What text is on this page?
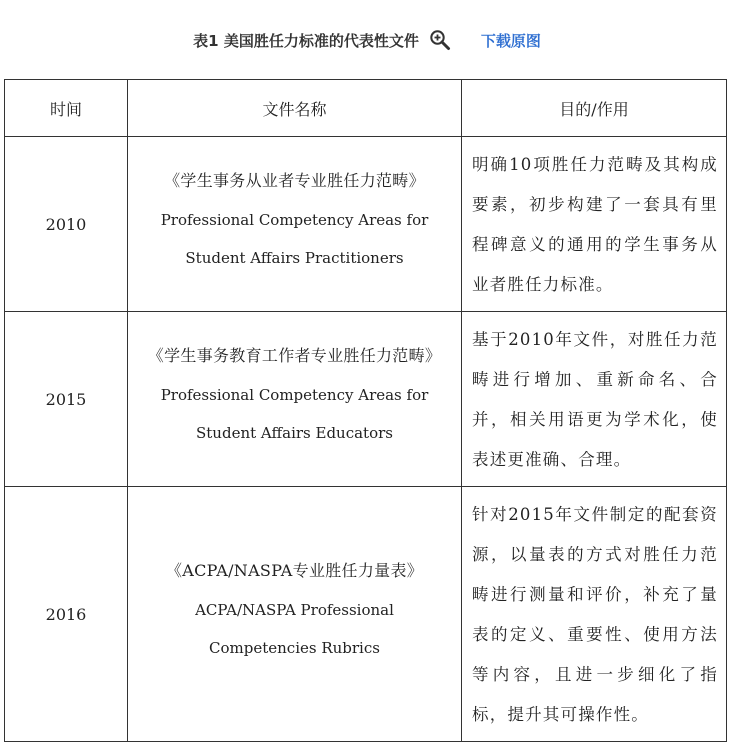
表1 美国胜任力标准的代表性文件	下载原图
时间	文件名称	目的/作用
2010	《学生事务从业者专业胜任力范畴》
Professional Competency Areas for
Student Affairs Practitioners	明确10项胜任力范畴及其构成要素，初步构建了一套具有里程碑意义的通用的学生事务从业者胜任力标准。
2015	《学生事务教育工作者专业胜任力范畴》
Professional Competency Areas for
Student Affairs Educators	基于2010年文件，对胜任力范畴进行增加、重新命名、合并，相关用语更为学术化，使表述更准确、合理。
2016	《ACPA/NASPA专业胜任力量表》
ACPA/NASPA Professional
Competencies Rubrics	针对2015年文件制定的配套资源，以量表的方式对胜任力范畴进行测量和评价，补充了量表的定义、重要性、使用方法等内容，且进一步细化了指标，提升其可操作性。
